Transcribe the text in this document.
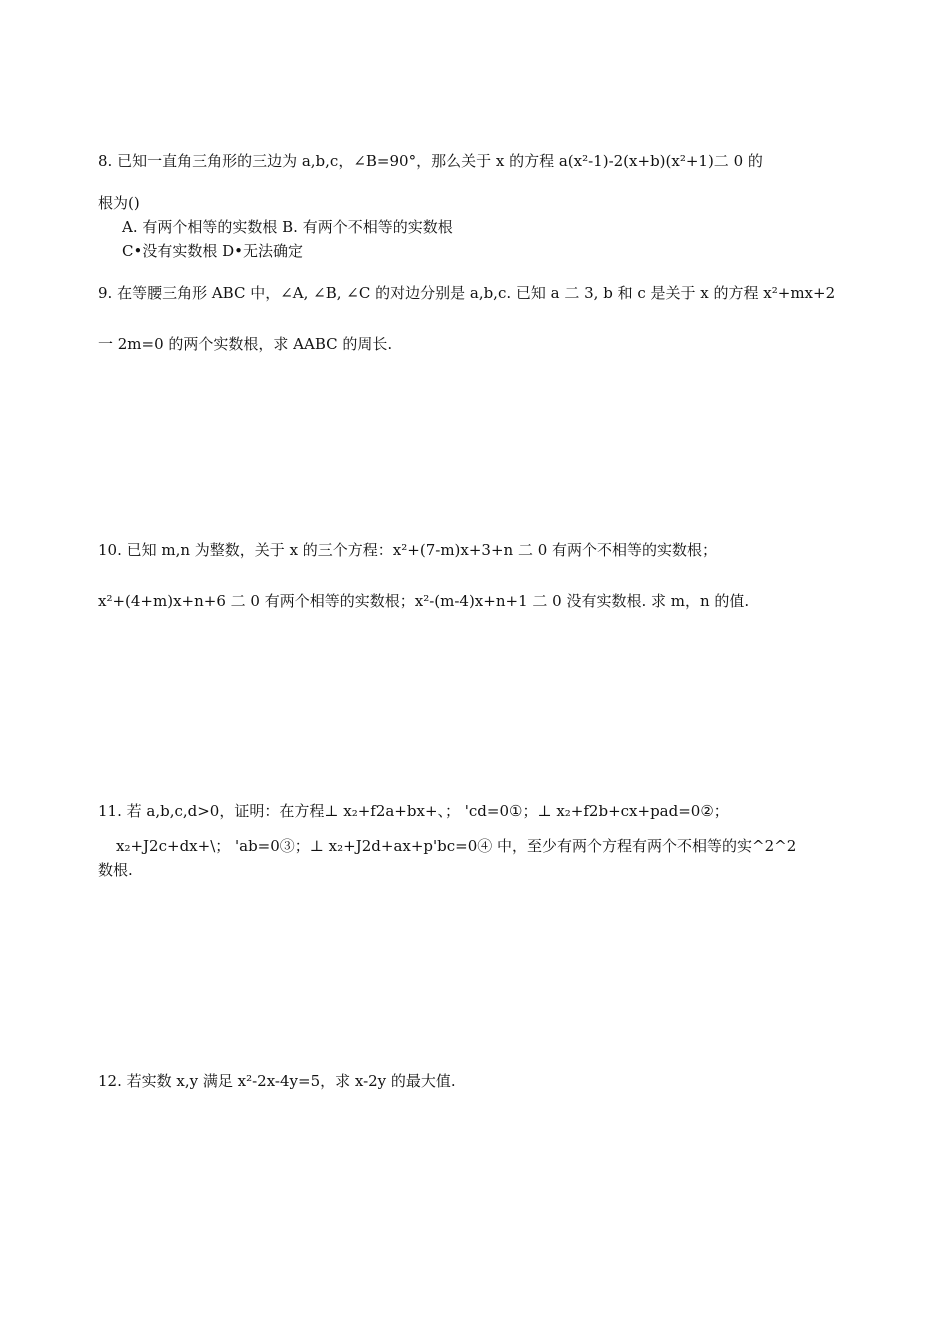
8. 已知一直角三角形的三边为 a,b,c，∠B=90°，那么关于 x 的方程 a(x²-1)-2(x+b)(x²+1)二 0 的
根为()
A. 有两个相等的实数根 B. 有两个不相等的实数根
C•没有实数根 D•无法确定
9. 在等腰三角形 ABC 中，∠A, ∠B, ∠C 的对边分别是 a,b,c. 已知 a 二 3, b 和 c 是关于 x 的方程 x²+mx+2
一 2m=0 的两个实数根，求 AABC 的周长.
10. 已知 m,n 为整数，关于 x 的三个方程：x²+(7-m)x+3+n 二 0 有两个不相等的实数根；
x²+(4+m)x+n+6 二 0 有两个相等的实数根；x²-(m-4)x+n+1 二 0 没有实数根. 求 m，n 的值.
11. 若 a,b,c,d>0，证明：在方程⊥ x₂+f2a+bx+、； 'cd=0①；⊥ x₂+f2b+cx+pad=0②；
x₂+J2c+dx+\； 'ab=0③；⊥ x₂+J2d+ax+p'bc=0④ 中，至少有两个方程有两个不相等的实^2^2
数根.
12. 若实数 x,y 满足 x²-2x-4y=5，求 x-2y 的最大值.
